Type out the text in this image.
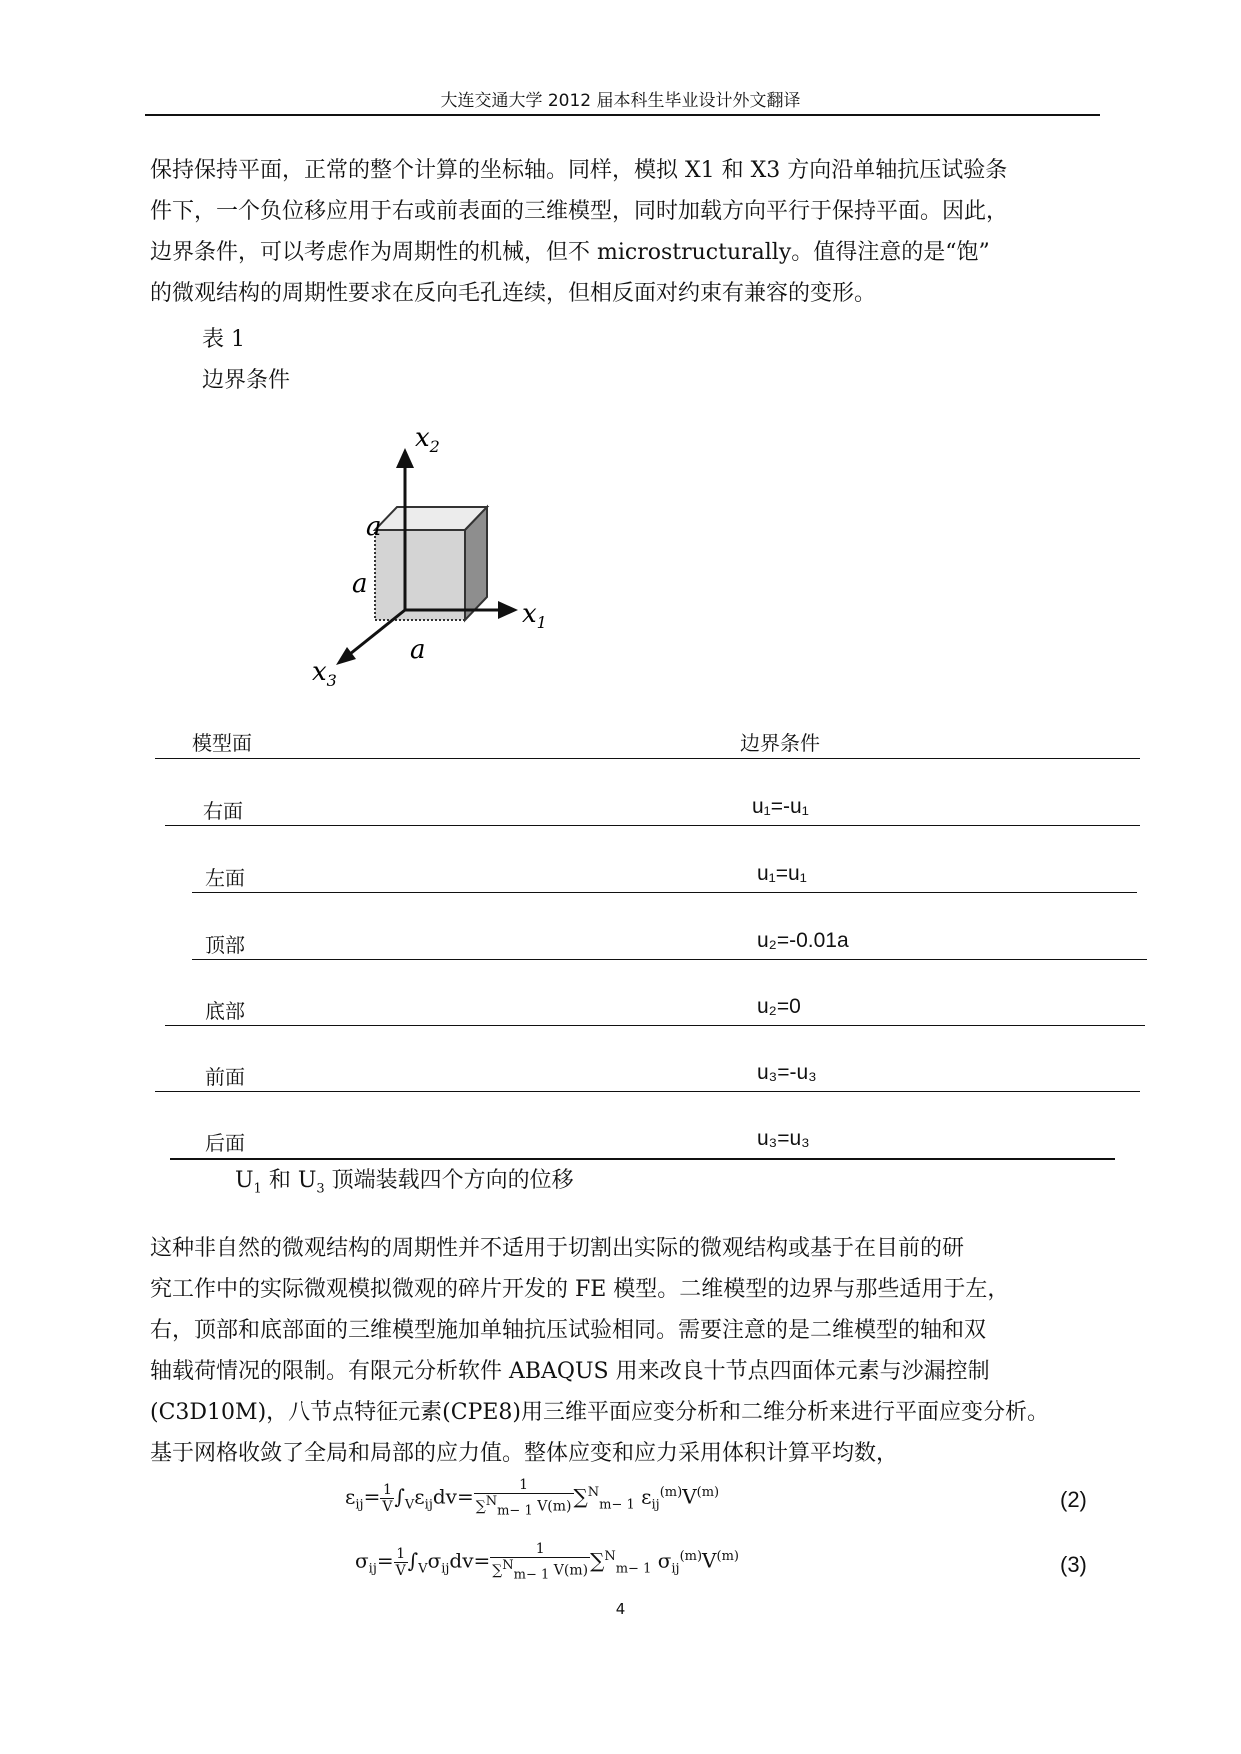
大连交通大学 2012 届本科生毕业设计外文翻译
保持保持平面，正常的整个计算的坐标轴。同样，模拟 X1 和 X3 方向沿单轴抗压试验条
件下，一个负位移应用于右或前表面的三维模型，同时加载方向平行于保持平面。因此，
边界条件，可以考虑作为周期性的机械，但不 microstructurally。值得注意的是“饱”
的微观结构的周期性要求在反向毛孔连续，但相反面对约束有兼容的变形。
表 1
边界条件
$x_2$
$x_1$
$x_3$
a
a
a
模型面	边界条件
右面	u₁=-u₁
左面	u₁=u₁
顶部	u₂=-0.01a
底部	u₂=0
前面	u₃=-u₃
后面	u₃=u₃
$U_1$ 和 $U_3$ 顶端装载四个方向的位移
这种非自然的微观结构的周期性并不适用于切割出实际的微观结构或基于在目前的研
究工作中的实际微观模拟微观的碎片开发的 FE 模型。二维模型的边界与那些适用于左，
右，顶部和底部面的三维模型施加单轴抗压试验相同。需要注意的是二维模型的轴和双
轴载荷情况的限制。有限元分析软件 ABAQUS 用来改良十节点四面体元素与沙漏控制
(C3D10M)，八节点特征元素(CPE8)用三维平面应变分析和二维分析来进行平面应变分析。
基于网格收敛了全局和局部的应力值。整体应变和应力采用体积计算平均数，
$\varepsilon_{ij}= \frac{1}{V} \int_V\varepsilon_{ij}dv= \frac{1}{\sum^N_{m- 1} V(m)} \sum^N_{m- 1}$ $\varepsilon_{ij}^{(m)}V^{(m)}$	(2)
$\sigma_{ij}= \frac{1}{V} \int_V\sigma_{ij}dv= \frac{1}{\sum^N_{m- 1} V(m)} \sum^N_{m- 1}$ $\sigma_{ij}^{(m)}V^{(m)}$	(3)
4
